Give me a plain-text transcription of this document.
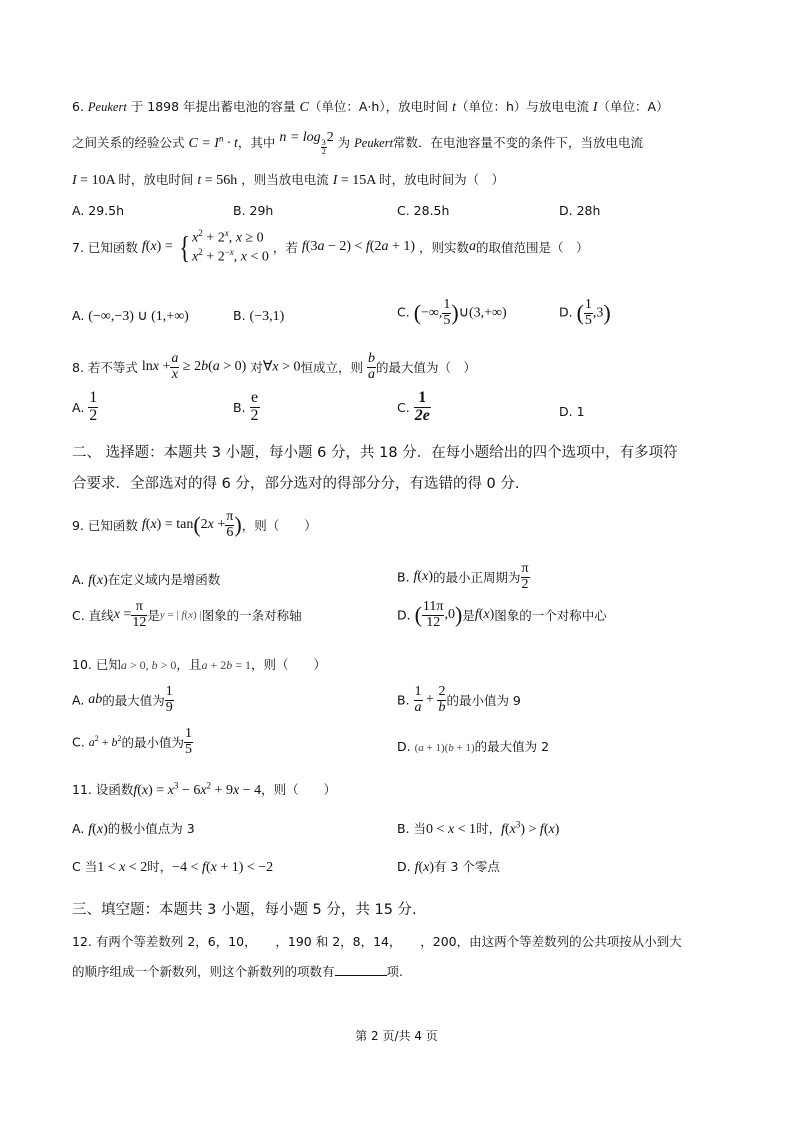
6. Peukert 于 1898 年提出蓄电池的容量 C（单位：A·h），放电时间 t（单位：h）与放电电流 I（单位：A）
之间关系的经验公式 $C = I^n \cdot t$，其中 n = log
$\frac{3}{2}$
2 为 Peukert常数．在电池容量不变的条件下，当放电电流
I = 10A 时，放电时间 t = 56h ，则当放电电流 I = 15A 时，放电时间为（　）
A. 29.5h	B. 29h	C. 28.5h	D. 28h
7. 已知函数 f(x) = { $x^2 + 2^x$, x ≥ 0
$x^2 + 2^{-x}$, x < 0 ，若 f(3a − 2) < f(2a + 1) ，则实数a的取值范围是（　）
A. (−∞,−3) ∪ (1,+∞)	B. (−3,1)	C. (−∞, $\frac{1}{5}$ )∪(3,+∞)	D. ( $\frac{1}{5} ,3$)
8. 若不等式 $\ln x + \frac{a}{x} \ge 2b(a > 0)$ 对∀x > 0恒成立，则 $\frac{b}{a}$ 的最大值为（　）
A. $\frac{1}{2}$	B. $\frac{e}{2}$	C. $\frac{1}{2e}$	D. 1
二、 选择题：本题共 3 小题，每小题 6 分，共 18 分．在每小题给出的四个选项中，有多项符
合要求．全部选对的得 6 分，部分选对的得部分分，有选错的得 0 分.
9. 已知函数 $f(x) = \tan(2x + \frac{\pi}{6}$ )，则（　　）
A. f(x)在定义域内是增函数	B. f(x)的最小正周期为 $\frac{\pi}{2}$
C. 直线$x = \frac{\pi}{12}$ 是y = | f(x) |图象的一条对称轴	D. ( $\frac{11\pi}{12} ,0$)是f(x)图象的一个对称中心
10. 已知a > 0, b > 0，且a + 2b = 1，则（　　）
A. ab的最大值为 $\frac{1}{9}$	B. $\frac{1}{a} + \frac{2}{b}$ 的最小值为 9
C. $a^2 + b^2$的最小值为 $\frac{1}{5}$	D. (a + 1)(b + 1)的最大值为 2
11. 设函数$f(x) = x^3 - 6x^2 + 9x - 4$，则（　　）
A. f(x)的极小值点为 3	B. 当0 < x < 1时，$f(x^3) > f(x)$
C 当1 < x < 2时，−4 < f(x + 1) < −2	D. f(x)有 3 个零点
三、填空题：本题共 3 小题，每小题 5 分，共 15 分.
12. 有两个等差数列 2，6，10，　　，190 和 2，8，14，　　，200，由这两个等差数列的公共项按从小到大
的顺序组成一个新数列，则这个新数列的项数有	项.
第 2 页/共 4 页
